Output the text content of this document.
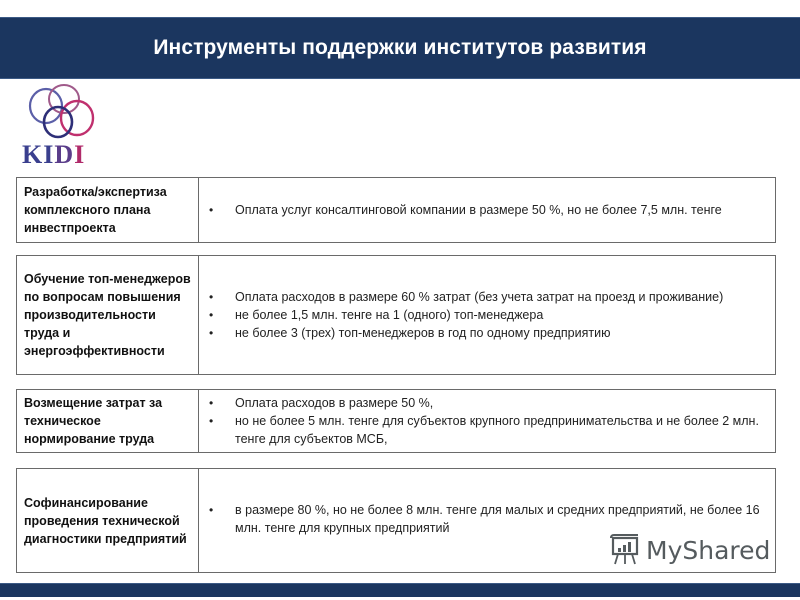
Инструменты поддержки институтов развития
KIDI
Разработка/экспертиза комплексного плана инвестпроекта
• Оплата услуг консалтинговой компании в размере 50 %, но не более 7,5 млн. тенге
Обучение топ-менеджеров по вопросам повышения производительности труда и энергоэффективности
• Оплата расходов в размере 60 % затрат (без учета затрат на проезд и проживание)
• не более 1,5 млн. тенге на 1 (одного) топ-менеджера
• не более 3 (трех) топ-менеджеров в год по одному предприятию
Возмещение затрат за техническое нормирование труда
• Оплата расходов в размере 50 %,
• но не более 5 млн. тенге для субъектов крупного предпринимательства и не более 2 млн. тенге для субъектов МСБ,
Софинансирование проведения технической диагностики предприятий
• в размере 80 %, но не более 8 млн. тенге для малых и средних предприятий, не более 16 млн. тенге для крупных предприятий
MyShared
